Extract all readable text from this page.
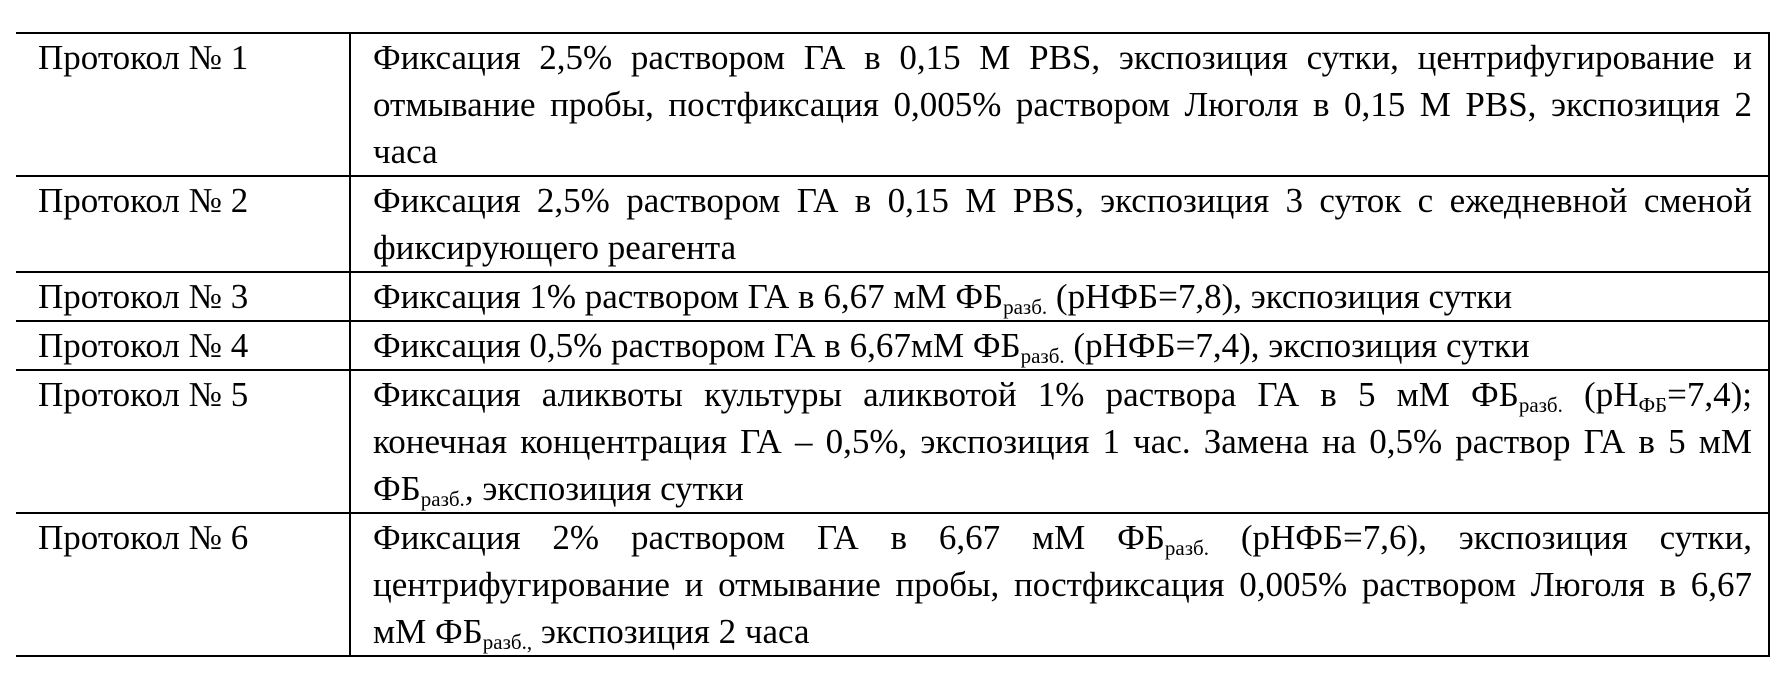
Протокол № 1	Фиксация 2,5% раствором ГА в 0,15 М PBS, экспозиция сутки, центрифугирование и отмывание пробы, постфиксация 0,005% раствором Люголя в 0,15 М PBS, экспозиция 2 часа
Протокол № 2	Фиксация 2,5% раствором ГА в 0,15 М PBS, экспозиция 3 суток с ежедневной сменой фиксирующего реагента
Протокол № 3	Фиксация 1% раствором ГА в 6,67 мМ $ФБ_{разб.}$ (рНФБ=7,8), экспозиция сутки
Протокол № 4	Фиксация 0,5% раствором ГА в 6,67мМ $ФБ_{разб.}$ (рНФБ=7,4), экспозиция сутки
Протокол № 5	Фиксация аликвоты культуры аликвотой 1% раствора ГА в 5 мМ $ФБ_{разб.}$ $(рН_{ФБ}=7,4)$; конечная концентрация ГА – 0,5%, экспозиция 1 час. Замена на 0,5% раствор ГА в 5 мМ $ФБ_{разб.}$, экспозиция сутки
Протокол № 6	Фиксация 2% раствором ГА в 6,67 мМ $ФБ_{разб.}$ (рНФБ=7,6), экспозиция сутки, центрифугирование и отмывание пробы, постфиксация 0,005% раствором Люголя в 6,67 мМ $ФБ_{разб.,}$ экспозиция 2 часа
